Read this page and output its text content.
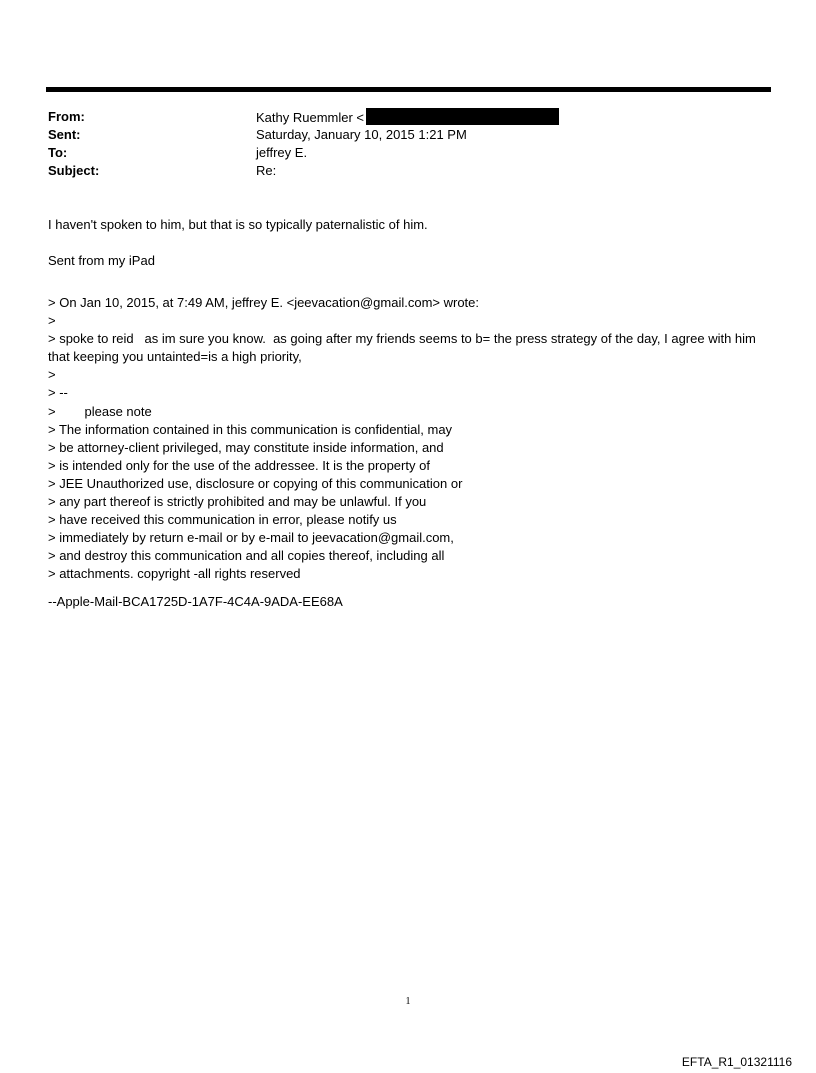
From:	Kathy Ruemmler <
Sent:	Saturday, January 10, 2015 1:21 PM
To:	jeffrey E.
Subject:	Re:
I haven't spoken to him, but that is so typically paternalistic of him.
Sent from my iPad
> On Jan 10, 2015, at 7:49 AM, jeffrey E. <jeevacation@gmail.com> wrote:
>
> spoke to reid   as im sure you know.  as going after my friends seems to b= the press strategy of the day, I agree with him that keeping you untainted=is a high priority,
>
> --
>        please note
> The information contained in this communication is confidential, may
> be attorney-client privileged, may constitute inside information, and
> is intended only for the use of the addressee. It is the property of
> JEE Unauthorized use, disclosure or copying of this communication or
> any part thereof is strictly prohibited and may be unlawful. If you
> have received this communication in error, please notify us
> immediately by return e-mail or by e-mail to jeevacation@gmail.com,
> and destroy this communication and all copies thereof, including all
> attachments. copyright -all rights reserved
--Apple-Mail-BCA1725D-1A7F-4C4A-9ADA-EE68A
1
EFTA_R1_01321116
